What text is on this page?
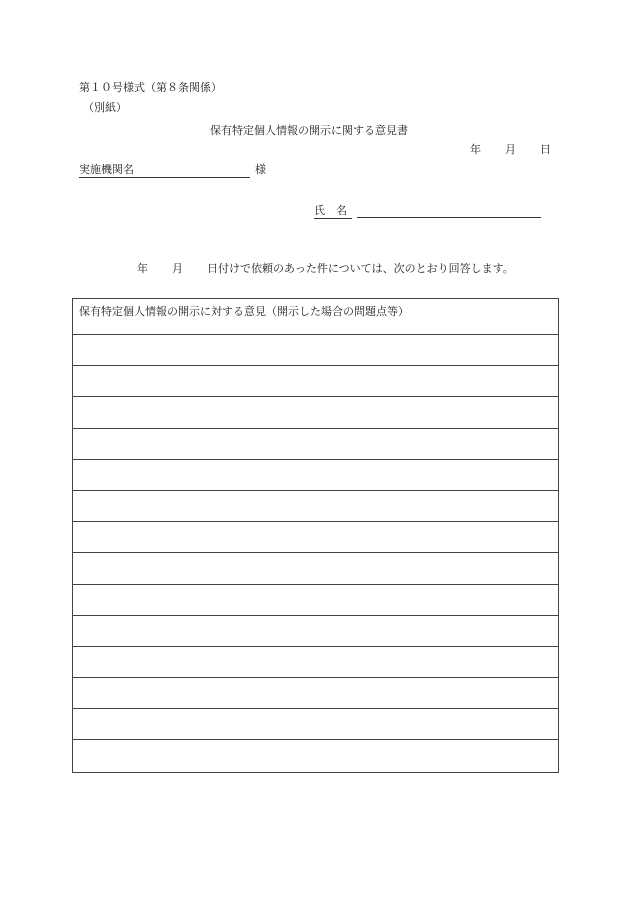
第１０号様式（第８条関係）
（別紙）
保有特定個人情報の開示に関する意見書
年 月 日
実施機関名	様
氏　名
年 月 日付けで依頼のあった件については、次のとおり回答します。
保有特定個人情報の開示に対する意見（開示した場合の問題点等）
